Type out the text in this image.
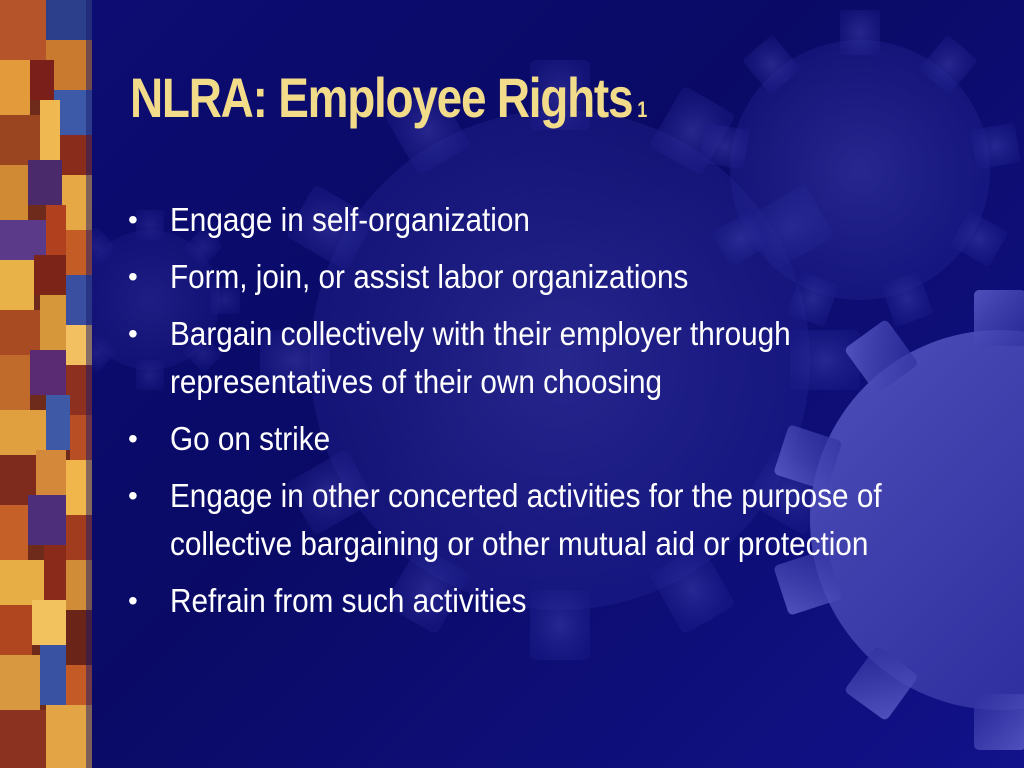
NLRA: Employee Rights 1
• Engage in self-organization
• Form, join, or assist labor organizations
• Bargain collectively with their employer through representatives of their own choosing
• Go on strike
• Engage in other concerted activities for the purpose of collective bargaining or other mutual aid or protection
• Refrain from such activities
